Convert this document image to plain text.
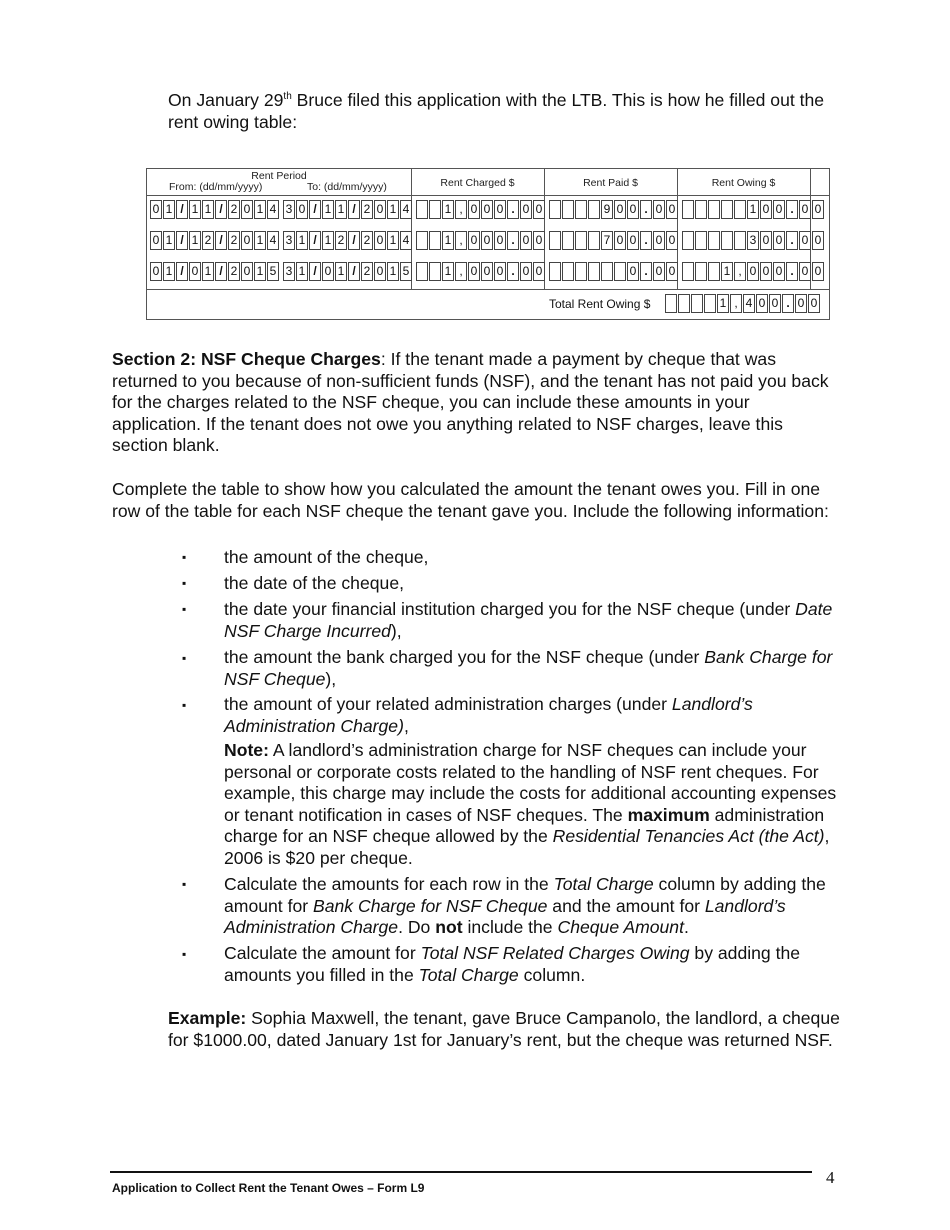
On January 29th Bruce filed this application with the LTB. This is how he filled out the rent owing table:

Rent Period
From: (dd/mm/yyyy)	To: (dd/mm/yyyy)	Rent Charged $	Rent Paid $	Rent Owing $
0 1 / 1 1 / 2 0 1 4 3 0 / 1 1 / 2 0 1 4	1 , 0 0 0 . 0 0	9 0 0 . 0 0	1 0 0 . 0 0
0 1 / 1 2 / 2 0 1 4 3 1 / 1 2 / 2 0 1 4	1 , 0 0 0 . 0 0	7 0 0 . 0 0	3 0 0 . 0 0
0 1 / 0 1 / 2 0 1 5 3 1 / 0 1 / 2 0 1 5	1 , 0 0 0 . 0 0	0 . 0 0	1 , 0 0 0 . 0 0
Total Rent Owing $	1 , 4 0 0 . 0 0

Section 2: NSF Cheque Charges: If the tenant made a payment by cheque that was returned to you because of non-sufficient funds (NSF), and the tenant has not paid you back for the charges related to the NSF cheque, you can include these amounts in your application. If the tenant does not owe you anything related to NSF charges, leave this section blank.

Complete the table to show how you calculated the amount the tenant owes you. Fill in one row of the table for each NSF cheque the tenant gave you. Include the following information:

▪ the amount of the cheque,
▪ the date of the cheque,
▪ the date your financial institution charged you for the NSF cheque (under Date NSF Charge Incurred),
▪ the amount the bank charged you for the NSF cheque (under Bank Charge for NSF Cheque),
▪ the amount of your related administration charges (under Landlord’s Administration Charge),
Note: A landlord’s administration charge for NSF cheques can include your personal or corporate costs related to the handling of NSF rent cheques. For example, this charge may include the costs for additional accounting expenses or tenant notification in cases of NSF cheques. The maximum administration charge for an NSF cheque allowed by the Residential Tenancies Act (the Act), 2006 is $20 per cheque.
▪ Calculate the amounts for each row in the Total Charge column by adding the amount for Bank Charge for NSF Cheque and the amount for Landlord’s Administration Charge. Do not include the Cheque Amount.
▪ Calculate the amount for Total NSF Related Charges Owing by adding the amounts you filled in the Total Charge column.

Example: Sophia Maxwell, the tenant, gave Bruce Campanolo, the landlord, a cheque for $1000.00, dated January 1st for January’s rent, but the cheque was returned NSF.

Application to Collect Rent the Tenant Owes – Form L9
4
